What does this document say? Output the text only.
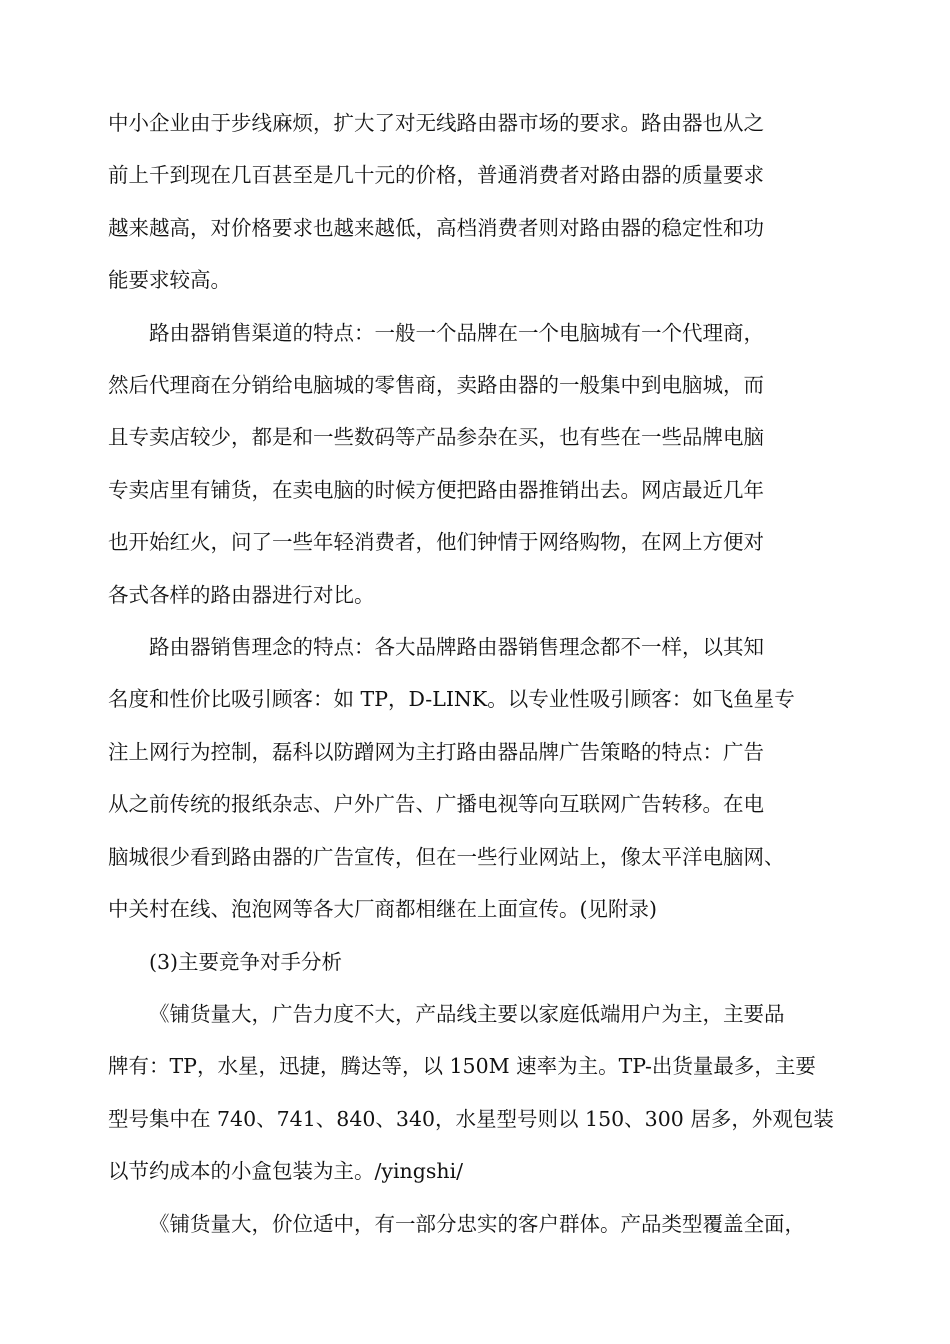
中小企业由于步线麻烦，扩大了对无线路由器市场的要求。路由器也从之
前上千到现在几百甚至是几十元的价格，普通消费者对路由器的质量要求
越来越高，对价格要求也越来越低，高档消费者则对路由器的稳定性和功
能要求较高。

路由器销售渠道的特点：一般一个品牌在一个电脑城有一个代理商，
然后代理商在分销给电脑城的零售商，卖路由器的一般集中到电脑城，而
且专卖店较少，都是和一些数码等产品参杂在买，也有些在一些品牌电脑
专卖店里有铺货，在卖电脑的时候方便把路由器推销出去。网店最近几年
也开始红火，问了一些年轻消费者，他们钟情于网络购物，在网上方便对
各式各样的路由器进行对比。

路由器销售理念的特点：各大品牌路由器销售理念都不一样，以其知
名度和性价比吸引顾客：如 TP，D-LINK。以专业性吸引顾客：如飞鱼星专
注上网行为控制，磊科以防蹭网为主打路由器品牌广告策略的特点：广告
从之前传统的报纸杂志、户外广告、广播电视等向互联网广告转移。在电
脑城很少看到路由器的广告宣传，但在一些行业网站上，像太平洋电脑网、
中关村在线、泡泡网等各大厂商都相继在上面宣传。(见附录)

(3)主要竞争对手分析

《铺货量大，广告力度不大，产品线主要以家庭低端用户为主，主要品
牌有：TP，水星，迅捷，腾达等，以 150M 速率为主。TP-出货量最多，主要
型号集中在 740、741、840、340，水星型号则以 150、300 居多，外观包装
以节约成本的小盒包装为主。/yingshi/

《铺货量大，价位适中，有一部分忠实的客户群体。产品类型覆盖全面，
